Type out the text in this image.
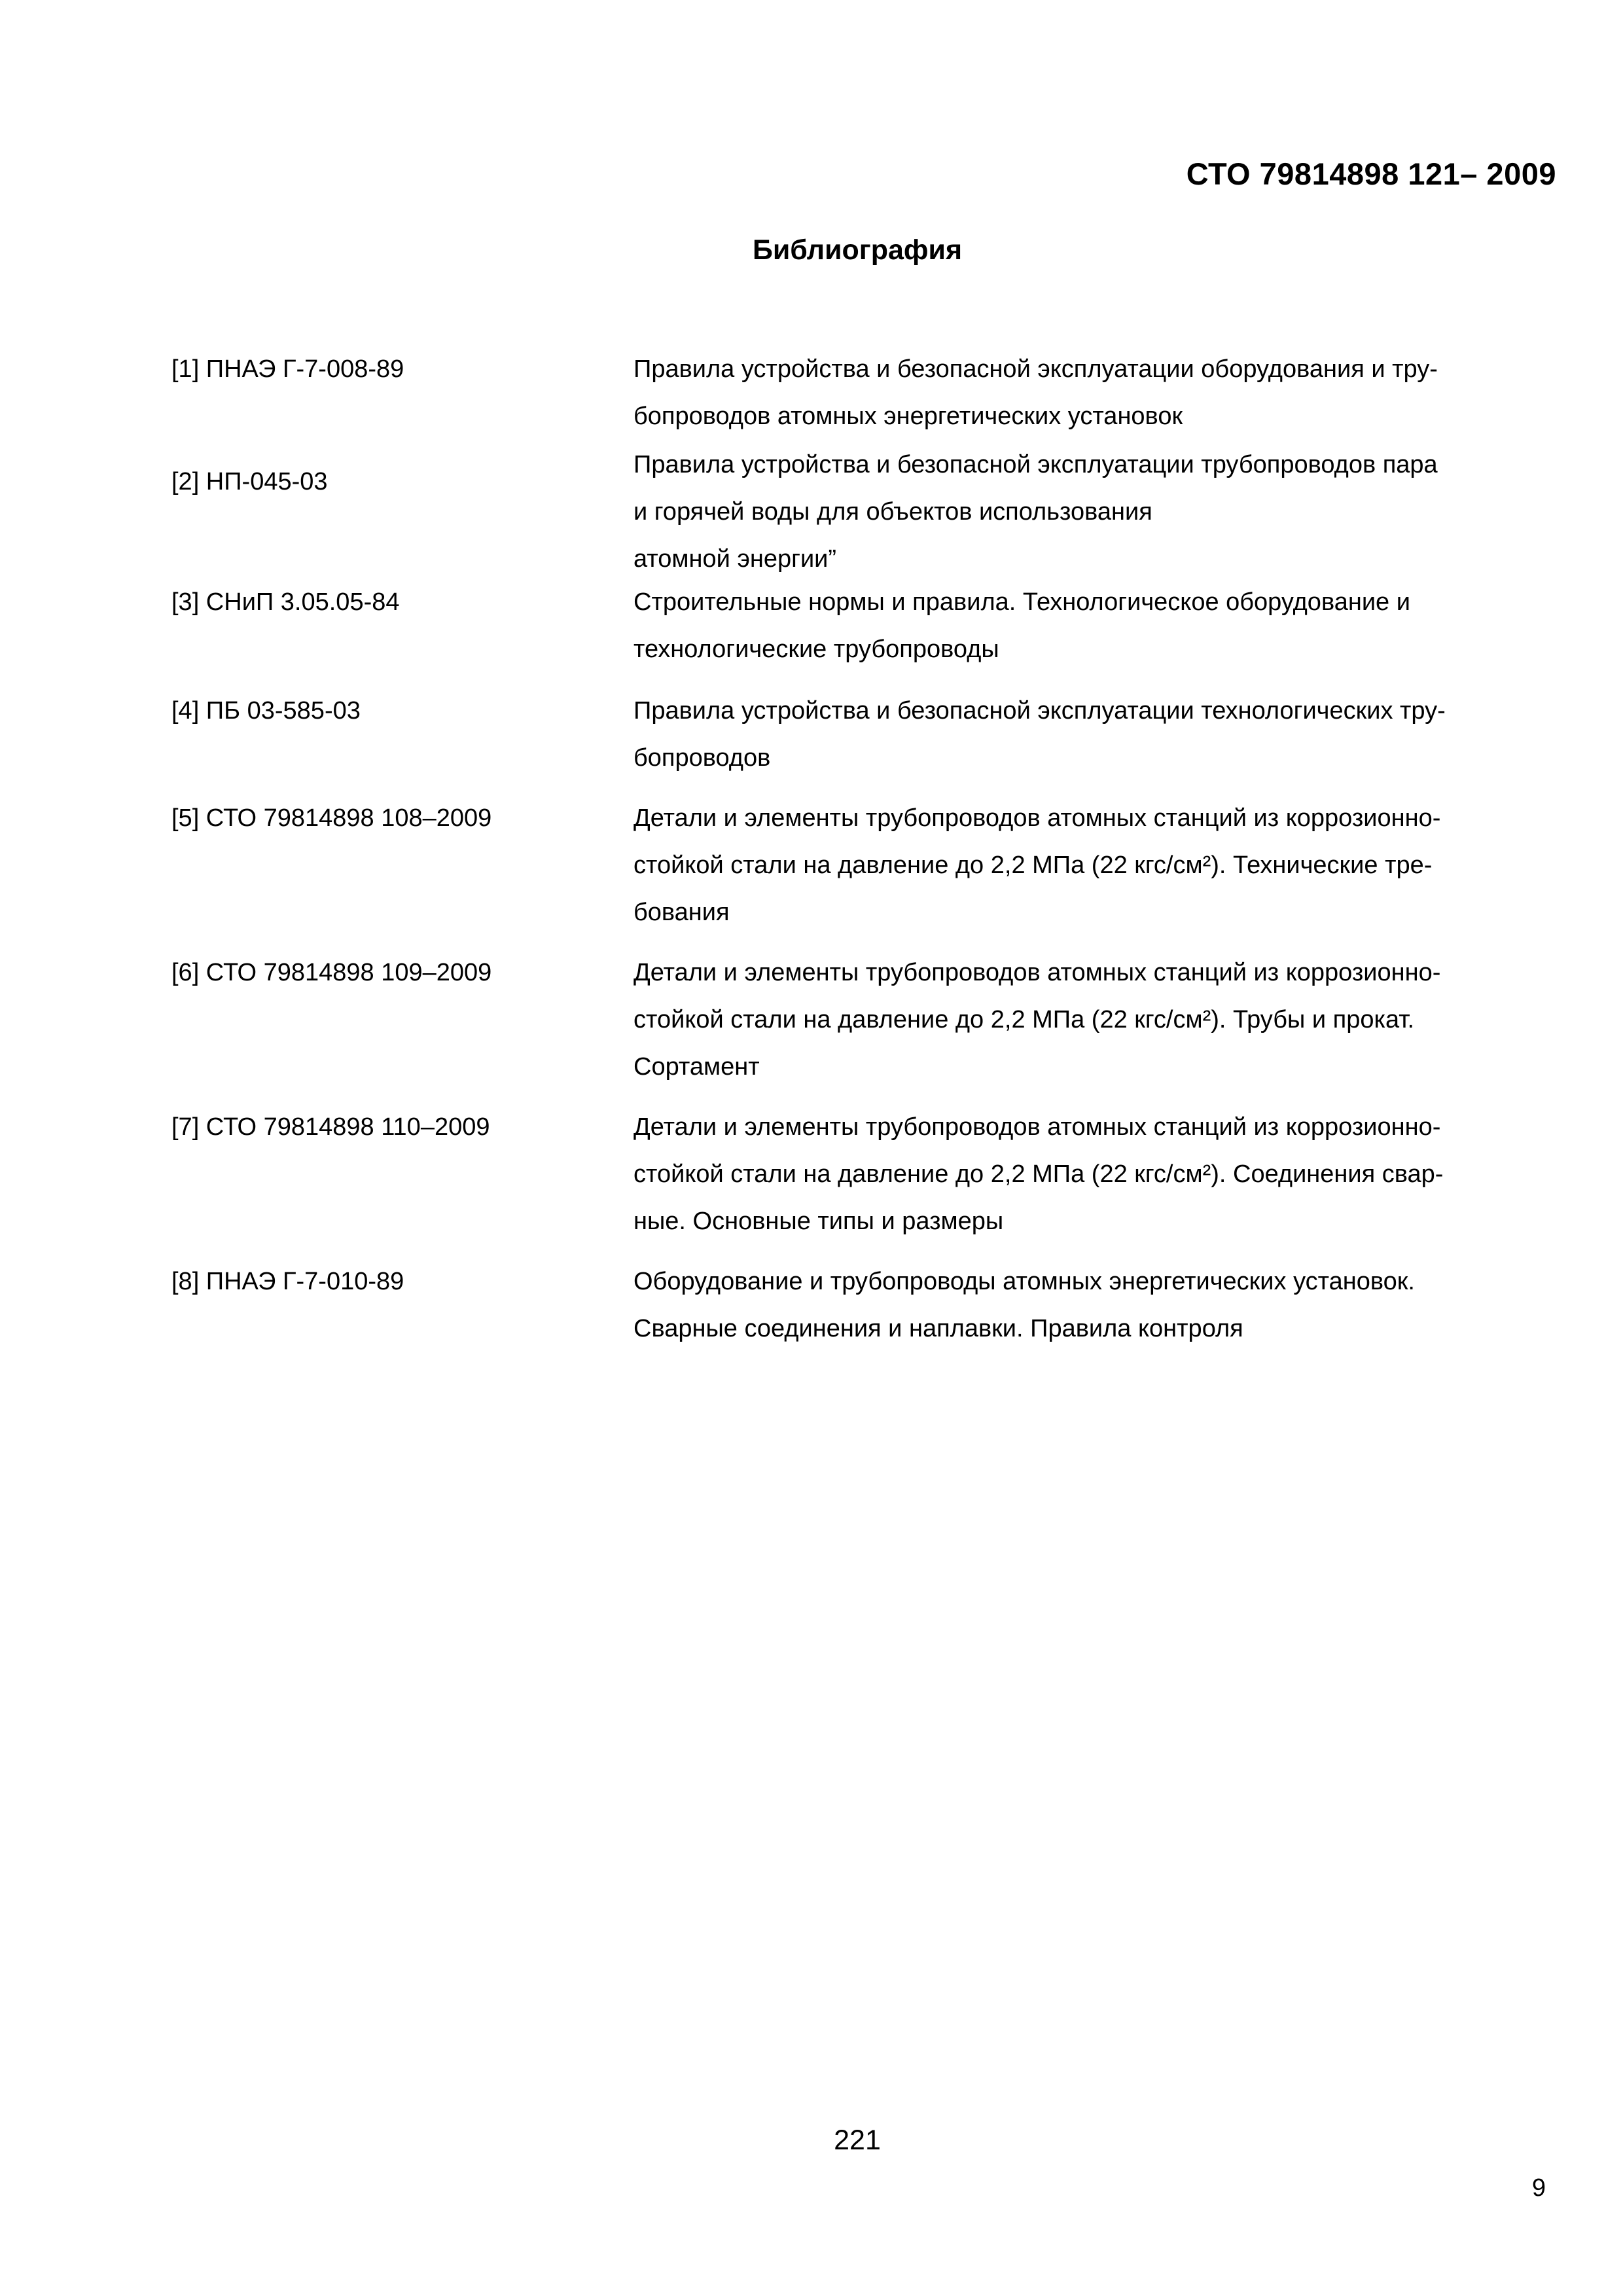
СТО 79814898 121– 2009
Библиография
[1] ПНАЭ Г-7-008-89	Правила устройства и безопасной эксплуатации оборудования и тру-
бопроводов атомных энергетических установок
[2] НП-045-03
Правила устройства и безопасной эксплуатации трубопроводов пара
и горячей воды для объектов использования
атомной энергии”
[3] СНиП 3.05.05-84	Строительные нормы и правила. Технологическое оборудование и
технологические трубопроводы
[4] ПБ 03-585-03	Правила устройства и безопасной эксплуатации технологических тру-
бопроводов
[5] СТО 79814898 108–2009	Детали и элементы трубопроводов атомных станций из коррозионно-
стойкой стали на давление до 2,2 МПа (22 кгс/см²). Технические тре-
бования
[6] СТО 79814898 109–2009	Детали и элементы трубопроводов атомных станций из коррозионно-
стойкой стали на давление до 2,2 МПа (22 кгс/см²). Трубы и прокат.
Сортамент
[7] СТО 79814898 110–2009	Детали и элементы трубопроводов атомных станций из коррозионно-
стойкой стали на давление до 2,2 МПа (22 кгс/см²). Соединения свар-
ные. Основные типы и размеры
[8] ПНАЭ Г-7-010-89	Оборудование и трубопроводы атомных энергетических установок.
Сварные соединения и наплавки. Правила контроля
221
9
